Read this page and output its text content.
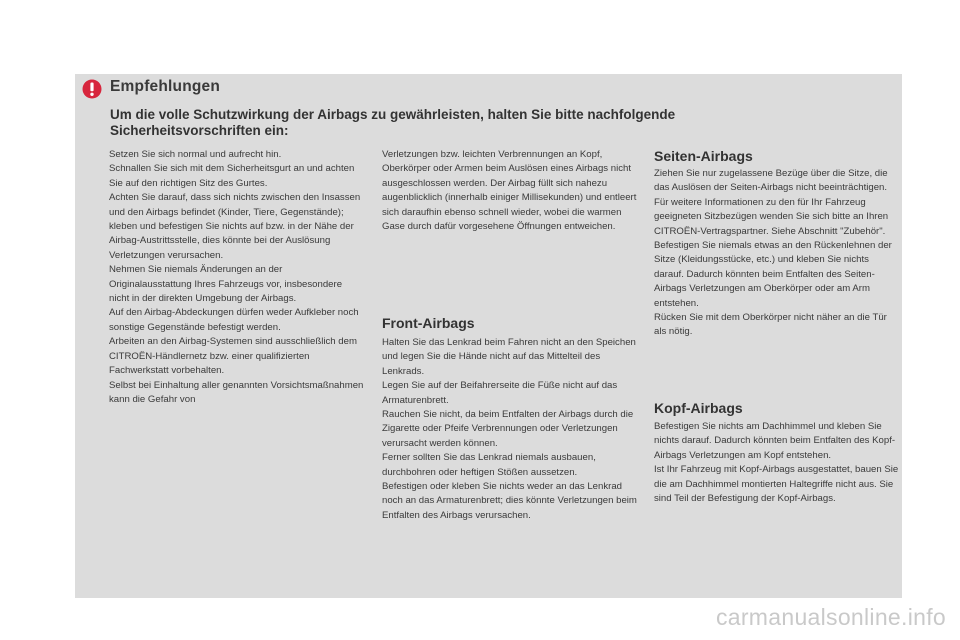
Empfehlungen

Um die volle Schutzwirkung der Airbags zu gewährleisten, halten Sie bitte nachfolgende Sicherheitsvorschriften ein:

Setzen Sie sich normal und aufrecht hin.
Schnallen Sie sich mit dem Sicherheitsgurt an und achten Sie auf den richtigen Sitz des Gurtes.
Achten Sie darauf, dass sich nichts zwischen den Insassen und den Airbags befindet (Kinder, Tiere, Gegenstände); kleben und befestigen Sie nichts auf bzw. in der Nähe der Airbag-Austrittsstelle, dies könnte bei der Auslösung Verletzungen verursachen.
Nehmen Sie niemals Änderungen an der Originalausstattung Ihres Fahrzeugs vor, insbesondere nicht in der direkten Umgebung der Airbags.
Auf den Airbag-Abdeckungen dürfen weder Aufkleber noch sonstige Gegenstände befestigt werden.
Arbeiten an den Airbag-Systemen sind ausschließlich dem CITROËN-Händlernetz bzw. einer qualifizierten Fachwerkstatt vorbehalten.
Selbst bei Einhaltung aller genannten Vorsichtsmaßnahmen kann die Gefahr von

Verletzungen bzw. leichten Verbrennungen an Kopf, Oberkörper oder Armen beim Auslösen eines Airbags nicht ausgeschlossen werden. Der Airbag füllt sich nahezu augenblicklich (innerhalb einiger Millisekunden) und entleert sich daraufhin ebenso schnell wieder, wobei die warmen Gase durch dafür vorgesehene Öffnungen entweichen.

Front-Airbags

Halten Sie das Lenkrad beim Fahren nicht an den Speichen und legen Sie die Hände nicht auf das Mittelteil des Lenkrads.
Legen Sie auf der Beifahrerseite die Füße nicht auf das Armaturenbrett.
Rauchen Sie nicht, da beim Entfalten der Airbags durch die Zigarette oder Pfeife Verbrennungen oder Verletzungen verursacht werden können.
Ferner sollten Sie das Lenkrad niemals ausbauen, durchbohren oder heftigen Stößen aussetzen.
Befestigen oder kleben Sie nichts weder an das Lenkrad noch an das Armaturenbrett; dies könnte Verletzungen beim Entfalten des Airbags verursachen.

Seiten-Airbags

Ziehen Sie nur zugelassene Bezüge über die Sitze, die das Auslösen der Seiten-Airbags nicht beeinträchtigen. Für weitere Informationen zu den für Ihr Fahrzeug geeigneten Sitzbezügen wenden Sie sich bitte an Ihren CITROËN-Vertragspartner. Siehe Abschnitt "Zubehör".
Befestigen Sie niemals etwas an den Rückenlehnen der Sitze (Kleidungsstücke, etc.) und kleben Sie nichts darauf. Dadurch könnten beim Entfalten des Seiten-Airbags Verletzungen am Oberkörper oder am Arm entstehen.
Rücken Sie mit dem Oberkörper nicht näher an die Tür als nötig.

Kopf-Airbags

Befestigen Sie nichts am Dachhimmel und kleben Sie nichts darauf. Dadurch könnten beim Entfalten des Kopf-Airbags Verletzungen am Kopf entstehen.
Ist Ihr Fahrzeug mit Kopf-Airbags ausgestattet, bauen Sie die am Dachhimmel montierten Haltegriffe nicht aus. Sie sind Teil der Befestigung der Kopf-Airbags.

carmanualsonline.info
